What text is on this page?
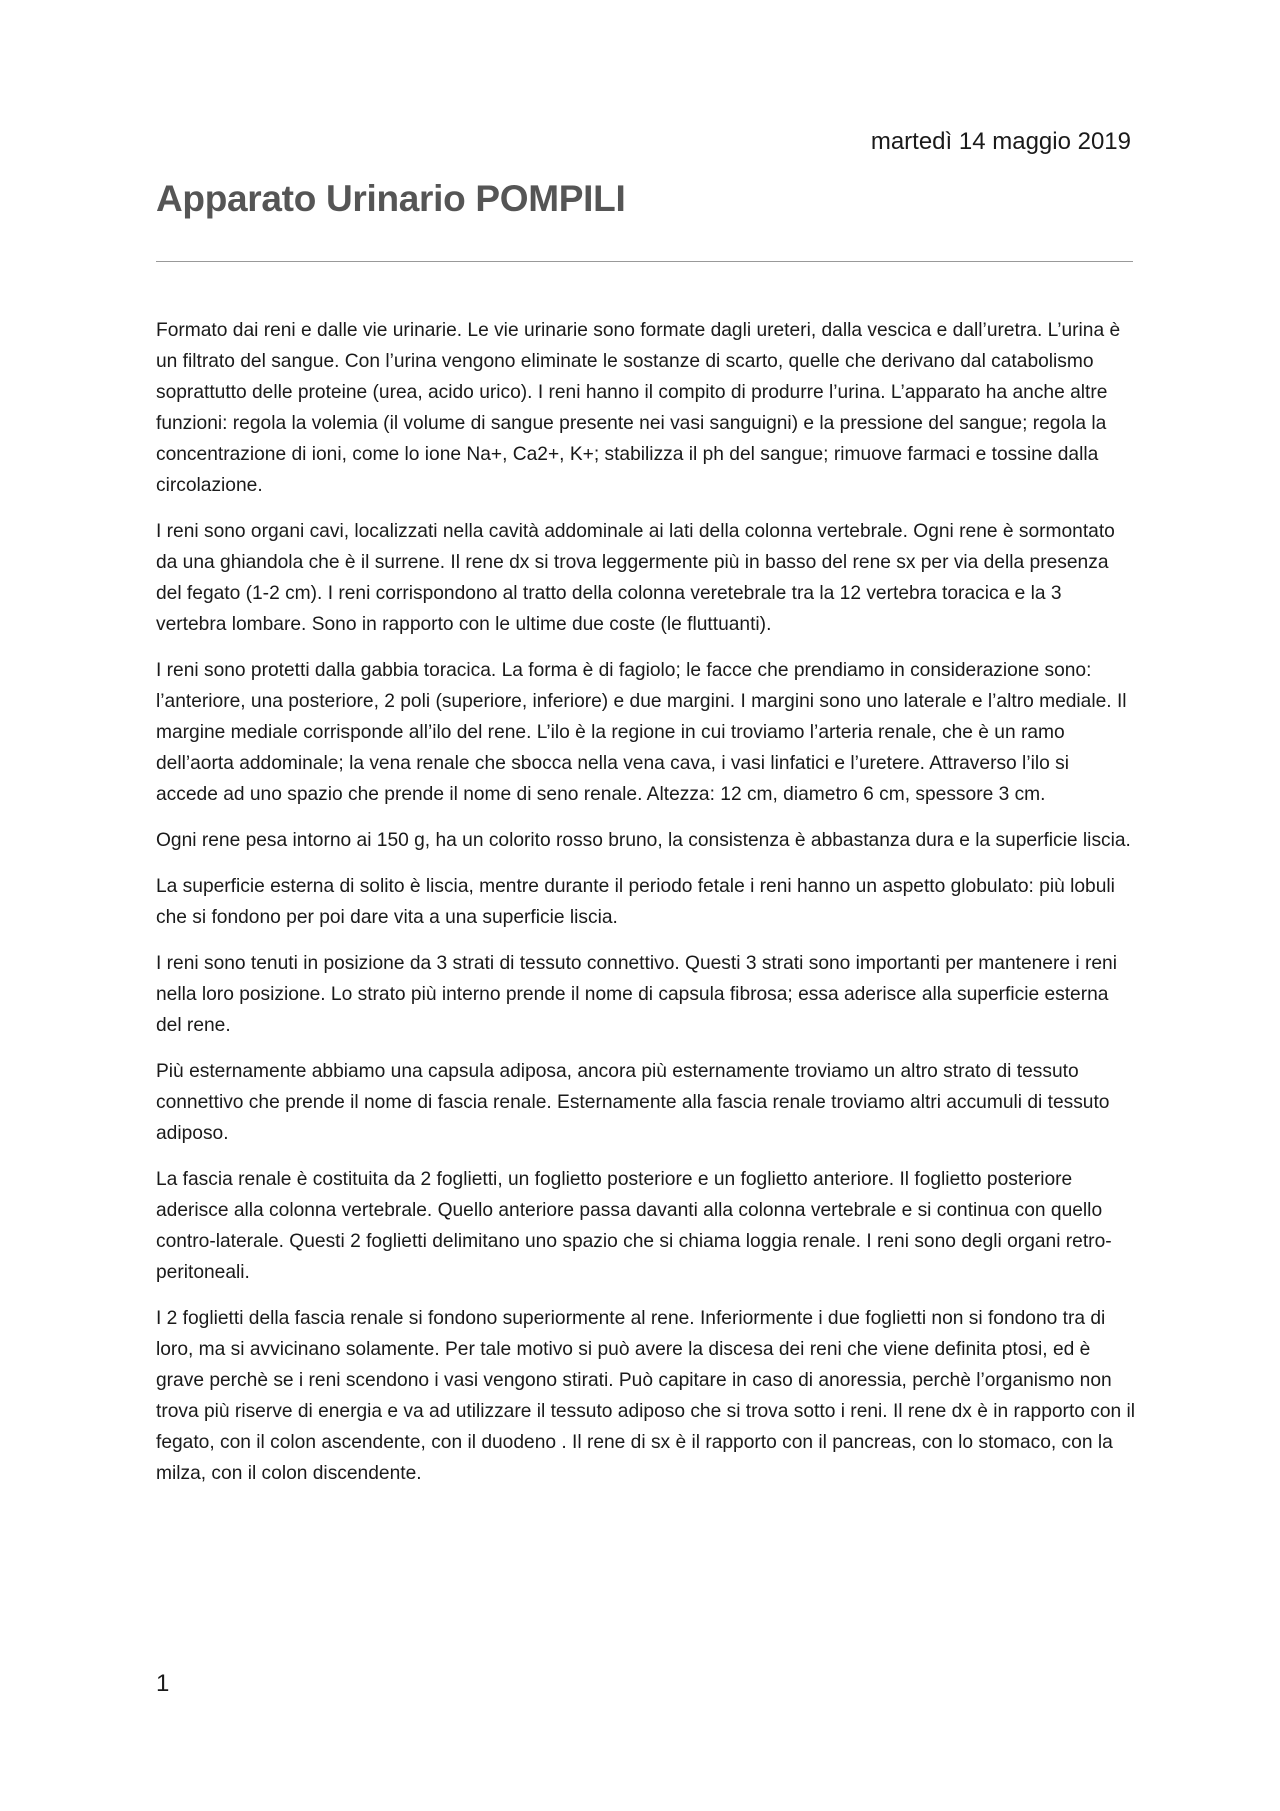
martedì 14 maggio 2019
Apparato Urinario POMPILI

Formato dai reni e dalle vie urinarie. Le vie urinarie sono formate dagli ureteri, dalla vescica e dall’uretra. L’urina è un filtrato del sangue. Con l’urina vengono eliminate le sostanze di scarto, quelle che derivano dal catabolismo soprattutto delle proteine (urea, acido urico). I reni hanno il compito di produrre l’urina. L’apparato ha anche altre funzioni: regola la volemia (il volume di sangue presente nei vasi sanguigni) e la pressione del sangue; regola la concentrazione di ioni, come lo ione Na+, Ca2+, K+; stabilizza il ph del sangue; rimuove farmaci e tossine dalla circolazione.

I reni sono organi cavi, localizzati nella cavità addominale ai lati della colonna vertebrale. Ogni rene è sormontato da una ghiandola che è il surrene. Il rene dx si trova leggermente più in basso del rene sx per via della presenza del fegato (1-2 cm). I reni corrispondono al tratto della colonna veretebrale tra la 12 vertebra toracica e la 3 vertebra lombare. Sono in rapporto con le ultime due coste (le fluttuanti).

I reni sono protetti dalla gabbia toracica. La forma è di fagiolo; le facce che prendiamo in considerazione sono: l’anteriore, una posteriore, 2 poli (superiore, inferiore) e due margini. I margini sono uno laterale e l’altro mediale. Il margine mediale corrisponde all’ilo del rene. L’ilo è la regione in cui troviamo l’arteria renale, che è un ramo dell’aorta addominale; la vena renale che sbocca nella vena cava, i vasi linfatici e l’uretere. Attraverso l’ilo si accede ad uno spazio che prende il nome di seno renale. Altezza: 12 cm, diametro 6 cm, spessore 3 cm.

Ogni rene pesa intorno ai 150 g, ha un colorito rosso bruno, la consistenza è abbastanza dura e la superficie liscia.

La superficie esterna di solito è liscia, mentre durante il periodo fetale i reni hanno un aspetto globulato: più lobuli che si fondono per poi dare vita a una superficie liscia.

I reni sono tenuti in posizione da 3 strati di tessuto connettivo. Questi 3 strati sono importanti per mantenere i reni nella loro posizione. Lo strato più interno prende il nome di capsula fibrosa; essa aderisce alla superficie esterna del rene.

Più esternamente abbiamo una capsula adiposa, ancora più esternamente troviamo un altro strato di tessuto connettivo che prende il nome di fascia renale. Esternamente alla fascia renale troviamo altri accumuli di tessuto adiposo.

La fascia renale è costituita da 2 foglietti, un foglietto posteriore e un foglietto anteriore. Il foglietto posteriore aderisce alla colonna vertebrale. Quello anteriore passa davanti alla colonna vertebrale e si continua con quello contro-laterale. Questi 2 foglietti delimitano uno spazio che si chiama loggia renale. I reni sono degli organi retro-peritoneali.

I 2 foglietti della fascia renale si fondono superiormente al rene. Inferiormente i due foglietti non si fondono tra di loro, ma si avvicinano solamente. Per tale motivo si può avere la discesa dei reni che viene definita ptosi, ed è grave perchè se i reni scendono i vasi vengono stirati. Può capitare in caso di anoressia, perchè l’organismo non trova più riserve di energia e va ad utilizzare il tessuto adiposo che si trova sotto i reni. Il rene dx è in rapporto con il fegato, con il colon ascendente, con il duodeno . Il rene di sx è il rapporto con il pancreas, con lo stomaco, con la milza, con il colon discendente.

1
